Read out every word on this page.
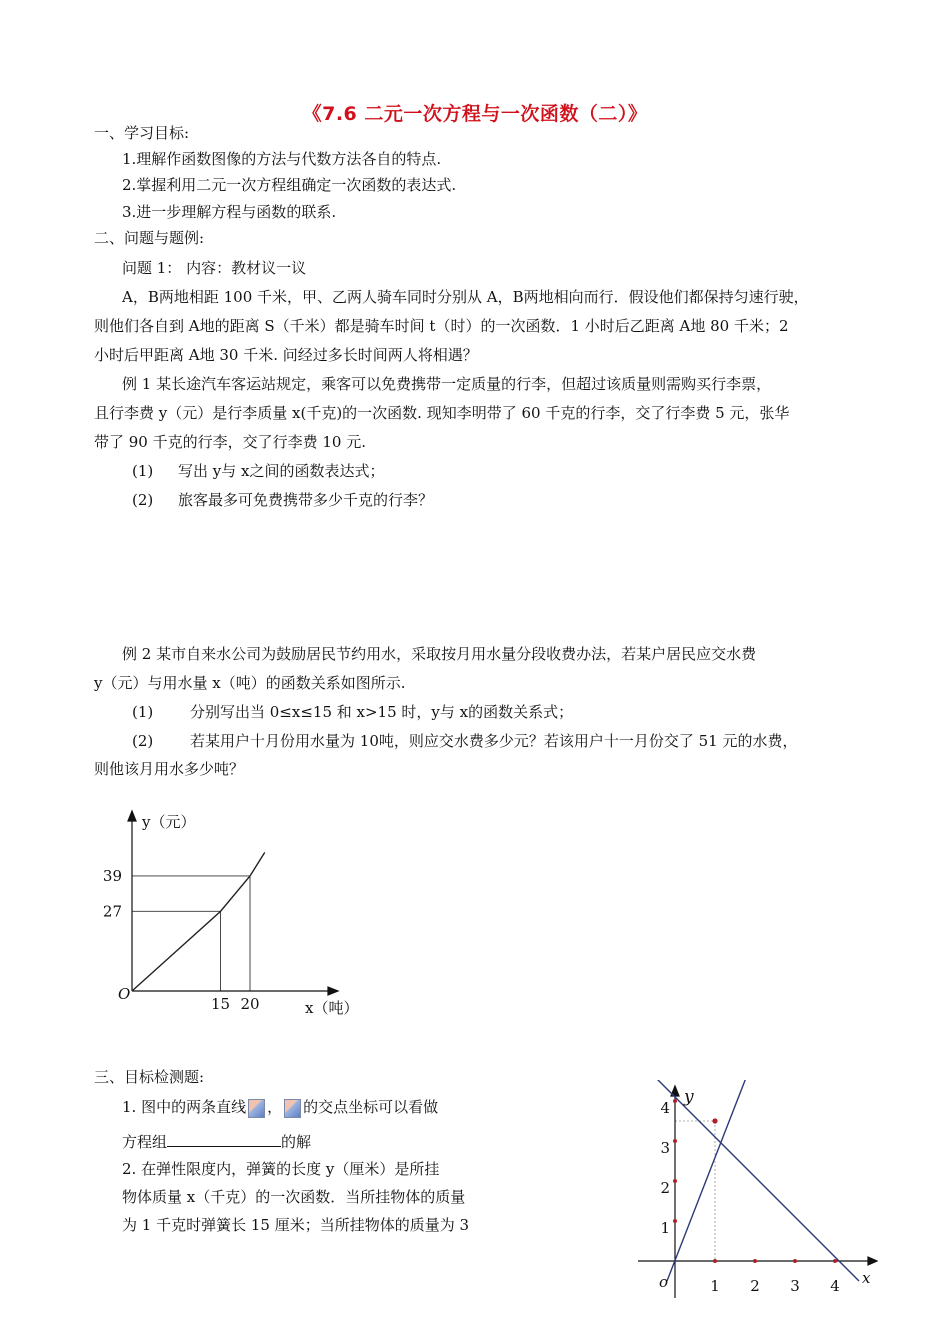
《7.6 二元一次方程与一次函数（二）》
一、学习目标:
1.理解作函数图像的方法与代数方法各自的特点.
2.掌握利用二元一次方程组确定一次函数的表达式.
3.进一步理解方程与函数的联系.
二、问题与题例:
问题 1： 内容：教材议一议
A，B两地相距 100 千米，甲、乙两人骑车同时分别从 A，B两地相向而行．假设他们都保持匀速行驶，
则他们各自到 A地的距离 S（千米）都是骑车时间 t（时）的一次函数．1 小时后乙距离 A地 80 千米；2
小时后甲距离 A地 30 千米. 问经过多长时间两人将相遇？
例 1 某长途汽车客运站规定，乘客可以免费携带一定质量的行李，但超过该质量则需购买行李票，
且行李费 y（元）是行李质量 x(千克)的一次函数. 现知李明带了 60 千克的行李，交了行李费 5 元，张华
带了 90 千克的行李，交了行李费 10 元.
(1) 写出 y与 x之间的函数表达式；
(2) 旅客最多可免费携带多少千克的行李？
例 2 某市自来水公司为鼓励居民节约用水，采取按月用水量分段收费办法，若某户居民应交水费
y（元）与用水量 x（吨）的函数关系如图所示.
(1) 分别写出当 0≤x≤15 和 x>15 时，y与 x的函数关系式；
(2) 若某用户十月份用水量为 10吨，则应交水费多少元？若该用户十一月份交了 51 元的水费，
则他该月用水多少吨？
O
y（元）
x（吨）
15 20
27
39
三、目标检测题:
1. 图中的两条直线 ， 的交点坐标可以看做
方程组	的解
2. 在弹性限度内，弹簧的长度 y（厘米）是所挂
物体质量 x（千克）的一次函数．当所挂物体的质量
为 1 千克时弹簧长 15 厘米；当所挂物体的质量为 3
y
x
o	1 2 3 4
1
2
3
4
